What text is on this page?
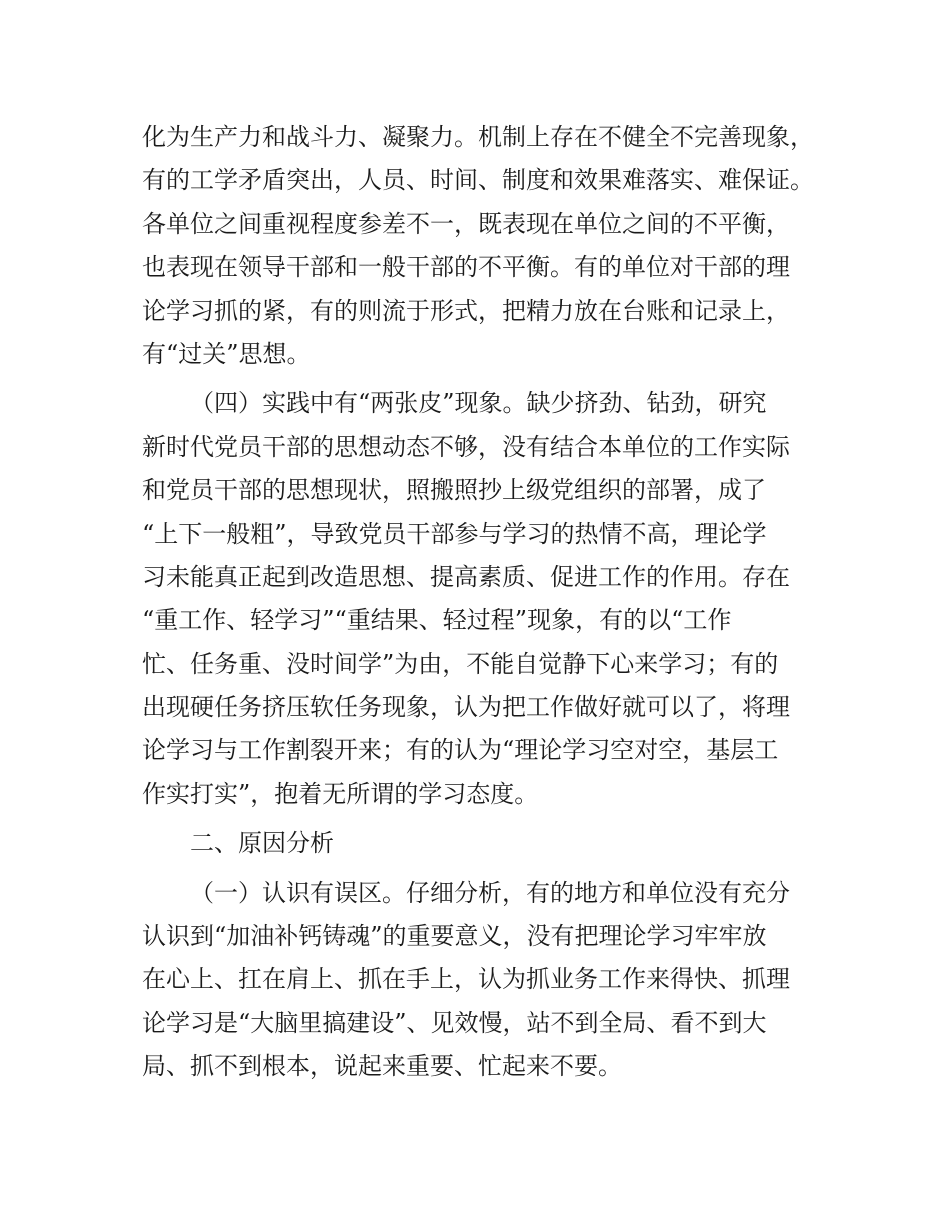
化为生产力和战斗力、凝聚力。机制上存在不健全不完善现象，
有的工学矛盾突出，人员、时间、制度和效果难落实、难保证。
各单位之间重视程度参差不一，既表现在单位之间的不平衡，
也表现在领导干部和一般干部的不平衡。有的单位对干部的理
论学习抓的紧，有的则流于形式，把精力放在台账和记录上，
有“过关”思想。
（四）实践中有“两张皮”现象。缺少挤劲、钻劲，研究
新时代党员干部的思想动态不够，没有结合本单位的工作实际
和党员干部的思想现状，照搬照抄上级党组织的部署，成了
“上下一般粗”，导致党员干部参与学习的热情不高，理论学
习未能真正起到改造思想、提高素质、促进工作的作用。存在
“重工作、轻学习”“重结果、轻过程”现象，有的以“工作
忙、任务重、没时间学”为由，不能自觉静下心来学习；有的
出现硬任务挤压软任务现象，认为把工作做好就可以了，将理
论学习与工作割裂开来；有的认为“理论学习空对空，基层工
作实打实”，抱着无所谓的学习态度。
二、原因分析
（一）认识有误区。仔细分析，有的地方和单位没有充分
认识到“加油补钙铸魂”的重要意义，没有把理论学习牢牢放
在心上、扛在肩上、抓在手上，认为抓业务工作来得快、抓理
论学习是“大脑里搞建设”、见效慢，站不到全局、看不到大
局、抓不到根本，说起来重要、忙起来不要。
